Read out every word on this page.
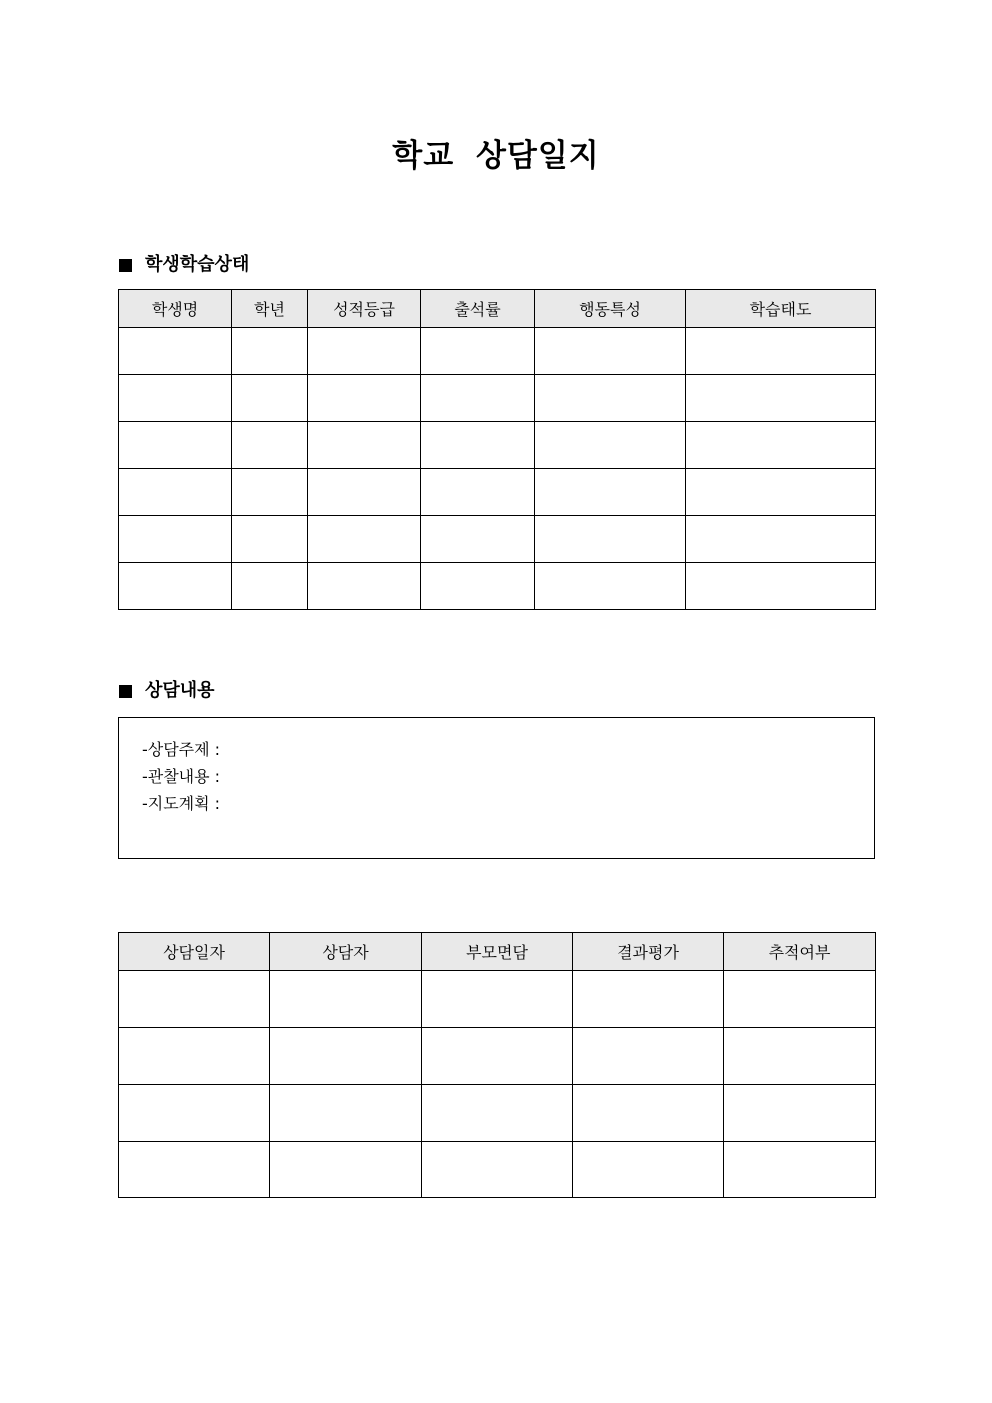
학교 상담일지
학생학습상태
학생명	학년	성적등급	출석률	행동특성	학습태도

상담내용
-상담주제 :
-관찰내용 :
-지도계획 :
상담일자	상담자	부모면담	결과평가	추적여부
